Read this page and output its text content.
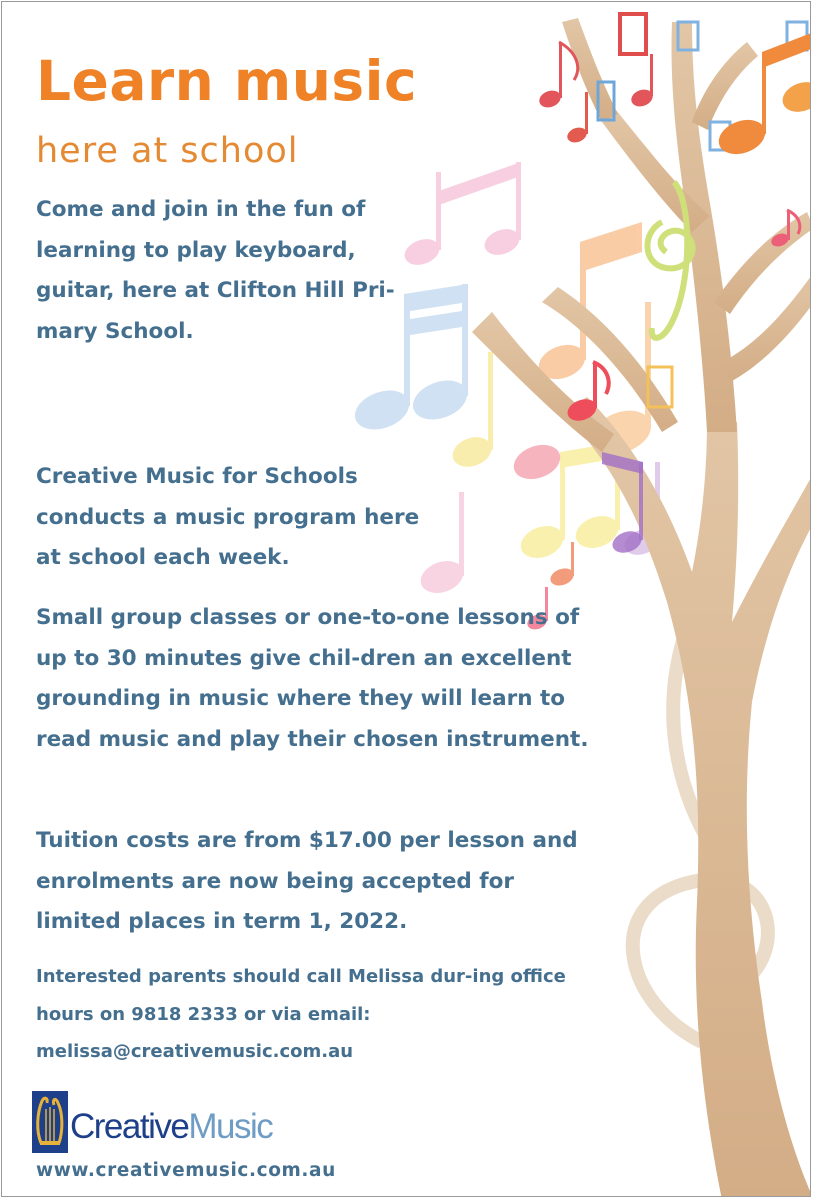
Learn music
here at school

Come and join in the fun of learning to play keyboard, guitar, here at Clifton Hill Pri-mary School.

Creative Music for Schools conducts a music program here at school each week.

Small group classes or one-to-one lessons of up to 30 minutes give chil-dren an excellent grounding in music where they will learn to read music and play their chosen instrument.

Tuition costs are from $17.00 per lesson and enrolments are now being accepted for limited places in term 1, 2022.

Interested parents should call Melissa dur-ing office hours on 9818 2333 or via email: melissa@creativemusic.com.au

CreativeMusic
www.creativemusic.com.au
